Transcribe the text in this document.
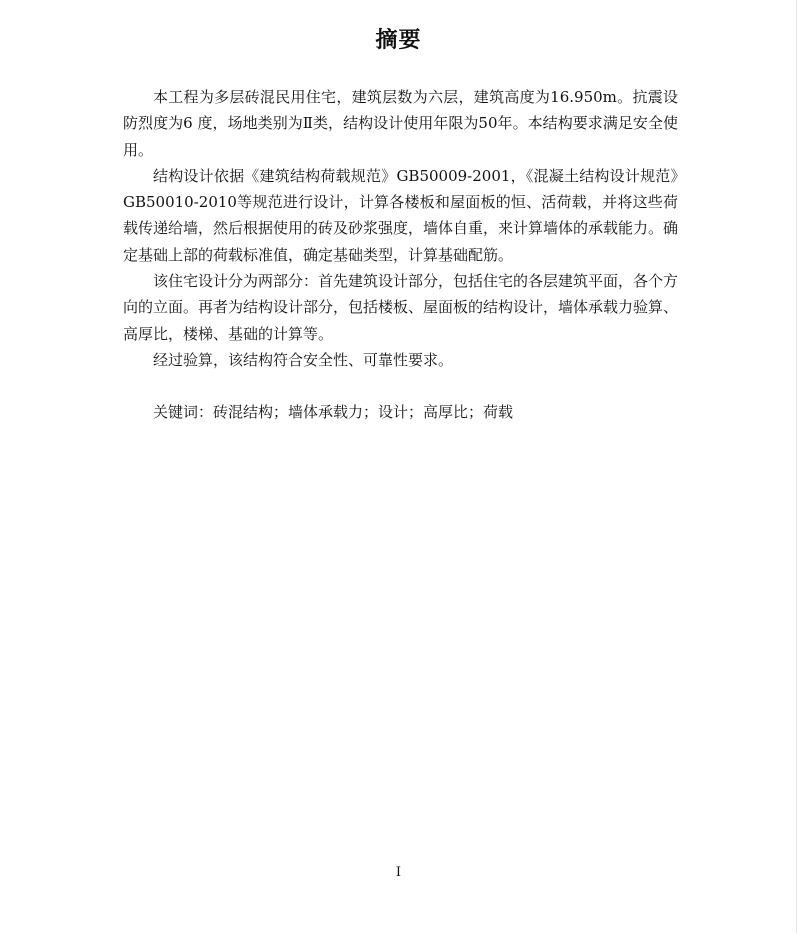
摘要

本工程为多层砖混民用住宅，建筑层数为六层，建筑高度为16.950m。抗震设防烈度为6 度，场地类别为Ⅱ类，结构设计使用年限为50年。本结构要求满足安全使用。

结构设计依据《建筑结构荷载规范》GB50009-2001，《混凝土结构设计规范》GB50010-2010等规范进行设计，计算各楼板和屋面板的恒、活荷载，并将这些荷载传递给墙，然后根据使用的砖及砂浆强度，墙体自重，来计算墙体的承载能力。确定基础上部的荷载标准值，确定基础类型，计算基础配筋。

该住宅设计分为两部分：首先建筑设计部分，包括住宅的各层建筑平面，各个方向的立面。再者为结构设计部分，包括楼板、屋面板的结构设计，墙体承载力验算、高厚比，楼梯、基础的计算等。

经过验算，该结构符合安全性、可靠性要求。

关键词：砖混结构；墙体承载力；设计；高厚比；荷载

I
